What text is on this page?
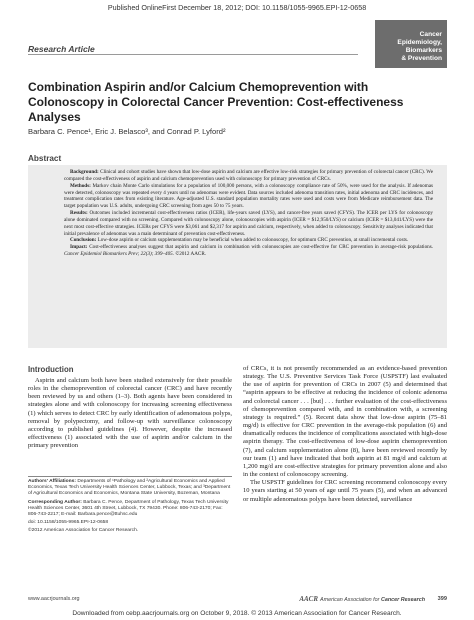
Published OnlineFirst December 18, 2012; DOI: 10.1158/1055-9965.EPI-12-0658
Research Article
Cancer
Epidemiology,
Biomarkers
& Prevention
Combination Aspirin and/or Calcium Chemoprevention with Colonoscopy in Colorectal Cancer Prevention: Cost-effectiveness Analyses
Barbara C. Pence¹, Eric J. Belasco³, and Conrad P. Lyford²
Abstract

Background: Clinical and cohort studies have shown that low-dose aspirin and calcium are effective low-risk strategies for primary prevention of colorectal cancer (CRC). We compared the cost-effectiveness of aspirin and calcium chemoprevention used with colonoscopy for primary prevention of CRCs.

Methods: Markov chain Monte Carlo simulations for a population of 100,000 persons, with a colonoscopy compliance rate of 50%, were used for the analysis. If adenomas were detected, colonoscopy was repeated every 4 years until no adenomas were evident. Data sources included adenoma transition rates, initial adenoma and CRC incidences, and treatment complication rates from existing literature. Age-adjusted U.S. standard population mortality rates were used and costs were from Medicare reimbursement data. The target population was U.S. adults, undergoing CRC screening from ages 50 to 75 years.

Results: Outcomes included incremental cost-effectiveness ratios (ICER), life-years saved (LYS), and cancer-free years saved (CFYS). The ICER per LYS for colonoscopy alone dominated compared with no screening. Compared with colonoscopy alone, colonoscopies with aspirin (ICER = $12,950/LYS) or calcium (ICER = $13,041/LYS) were the next most cost-effective strategies. ICERs per CFYS were $3,061 and $2,317 for aspirin and calcium, respectively, when added to colonoscopy. Sensitivity analyses indicated that initial prevalence of adenomas was a main determinant of prevention cost-effectiveness.

Conclusion: Low-dose aspirin or calcium supplementation may be beneficial when added to colonoscopy, for optimum CRC prevention, at small incremental costs.

Impact: Cost-effectiveness analyses suggest that aspirin and calcium in combination with colonoscopies are cost-effective for CRC prevention in average-risk populations. Cancer Epidemiol Biomarkers Prev; 22(3); 399–405. ©2012 AACR.

Introduction

Aspirin and calcium both have been studied extensively for their possible roles in the chemoprevention of colorectal cancer (CRC) and have recently been reviewed by us and others (1–3). Both agents have been considered in strategies alone and with colonoscopy for increasing screening effectiveness (1) which serves to detect CRC by early identification of adenomatous polyps, removal by polypectomy, and follow-up with surveillance colonoscopy according to published guidelines (4). However, despite the increased effectiveness (1) associated with the use of aspirin and/or calcium in the primary prevention

of CRCs, it is not presently recommended as an evidence-based prevention strategy. The U.S. Preventive Services Task Force (USPSTF) last evaluated the use of aspirin for prevention of CRCs in 2007 (5) and determined that “aspirin appears to be effective at reducing the incidence of colonic adenoma and colorectal cancer . . . [but] . . . further evaluation of the cost-effectiveness of chemoprevention compared with, and in combination with, a screening strategy is required.” (5). Recent data show that low-dose aspirin (75–81 mg/d) is effective for CRC prevention in the average-risk population (6) and dramatically reduces the incidence of complications associated with high-dose aspirin therapy. The cost-effectiveness of low-dose aspirin chemoprevention (7), and calcium supplementation alone (8), have been reviewed recently by our team (1) and have indicated that both aspirin at 81 mg/d and calcium at 1,200 mg/d are cost-effective strategies for primary prevention alone and also in the context of colonoscopy screening.

The USPSTF guidelines for CRC screening recommend colonoscopy every 10 years starting at 50 years of age until 75 years (5), and when an advanced or multiple adenomatous polyps have been detected, surveillance

Authors' Affiliations: Departments of ¹Pathology and ²Agricultural Economics and Applied Economics, Texas Tech University Health Sciences Center, Lubbock, Texas; and ³Department of Agricultural Economics and Economics, Montana State University, Bozeman, Montana

Corresponding Author: Barbara C. Pence, Department of Pathology, Texas Tech University Health Sciences Center, 3601 4th Street, Lubbock, TX 79430. Phone: 806-743-2170; Fax: 806-743-2217; E-mail: Barbara.pence@ttuhsc.edu

doi: 10.1158/1055-9965.EPI-12-0658

©2012 American Association for Cancer Research.

www.aacrjournals.org	AACR American Association for Cancer Research 399
Downloaded from cebp.aacrjournals.org on October 9, 2018. © 2013 American Association for Cancer Research.
